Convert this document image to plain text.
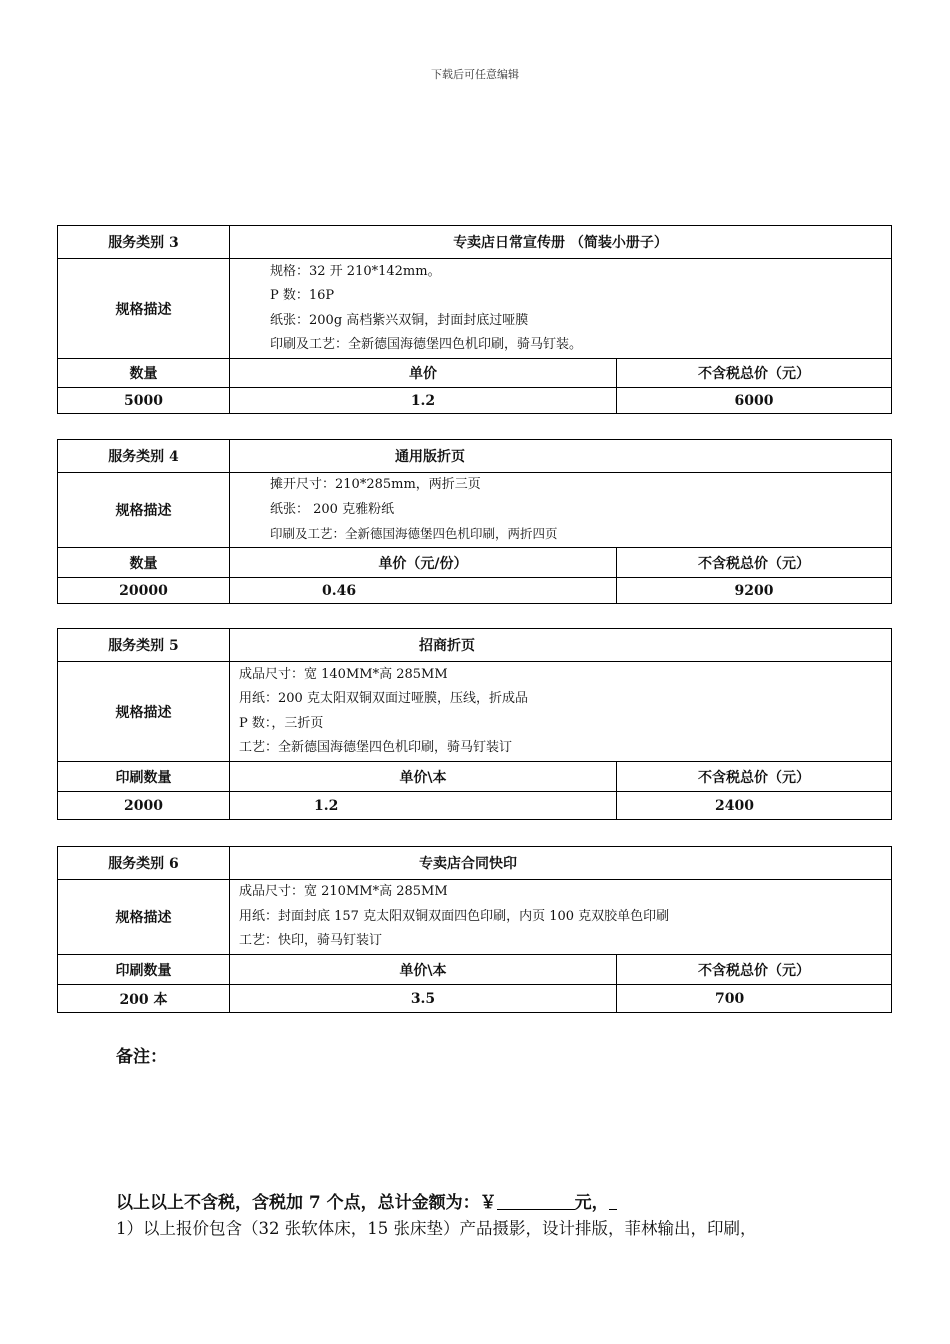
下载后可任意编辑
服务类别 3	专卖店日常宣传册 （简装小册子）	
规格描述	规格：32 开 210*142mm。
P 数：16P
纸张：200g 高档紫兴双铜，封面封底过哑膜
印刷及工艺：全新德国海德堡四色机印刷，骑马钉装。	

数量	单价	不含税总价（元）
5000	1.2	6000
服务类别 4	通用版折页	
规格描述	摊开尺寸：210*285mm，两折三页
纸张： 200 克雅粉纸
印刷及工艺：全新德国海德堡四色机印刷，两折四页	

数量	单价（元/份）	不含税总价（元）
20000	0.46	9200
服务类别 5	招商折页	
规格描述	成品尺寸：宽 140MM*高 285MM
用纸：200 克太阳双铜双面过哑膜，压线，折成品
P 数：，三折页
工艺：全新德国海德堡四色机印刷，骑马钉装订	

印刷数量	单价\本	不含税总价（元）
2000	1.2	2400
服务类别 6	专卖店合同快印	
规格描述	成品尺寸：宽 210MM*高 285MM
用纸：封面封底 157 克太阳双铜双面四色印刷，内页 100 克双胶单色印刷
工艺：快印，骑马钉装订	

印刷数量	单价\本	不含税总价（元）
200 本	3.5	700
备注：
以上以上不含税，含税加 7 个点，总计金额为：￥	元，
1）以上报价包含（32 张软体床，15 张床垫）产品摄影，设计排版，菲林输出，印刷，
